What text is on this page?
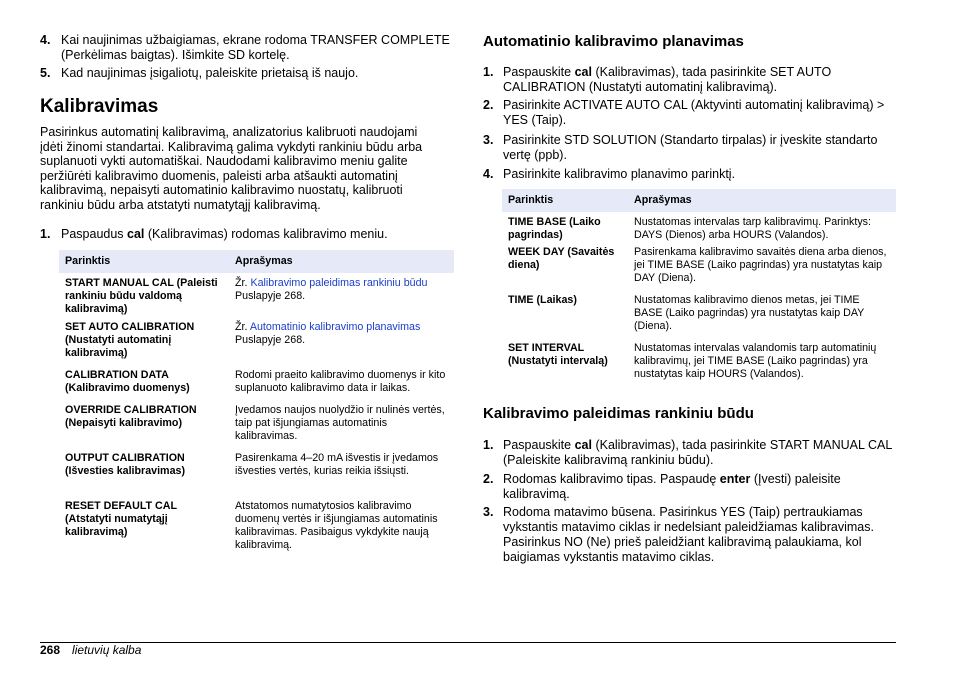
4. Kai naujinimas užbaigiamas, ekrane rodoma TRANSFER COMPLETE (Perkėlimas baigtas). Išimkite SD kortelę.
5. Kad naujinimas įsigaliotų, paleiskite prietaisą iš naujo.
Kalibravimas

Pasirinkus automatinį kalibravimą, analizatorius kalibruoti naudojami įdėti žinomi standartai. Kalibravimą galima vykdyti rankiniu būdu arba suplanuoti vykti automatiškai. Naudodami kalibravimo meniu galite peržiūrėti kalibravimo duomenis, paleisti arba atšaukti automatinį kalibravimą, nepaisyti automatinio kalibravimo nuostatų, kalibruoti rankiniu būdu arba atstatyti numatytąjį kalibravimą.

1. Paspaudus cal (Kalibravimas) rodomas kalibravimo meniu.
Parinktis	Aprašymas
START MANUAL CAL (Paleisti rankiniu būdu valdomą kalibravimą)	Žr. Kalibravimo paleidimas rankiniu būdu Puslapyje 268.
SET AUTO CALIBRATION (Nustatyti automatinį kalibravimą)	Žr. Automatinio kalibravimo planavimas Puslapyje 268.
CALIBRATION DATA (Kalibravimo duomenys)	Rodomi praeito kalibravimo duomenys ir kito suplanuoto kalibravimo data ir laikas.
OVERRIDE CALIBRATION (Nepaisyti kalibravimo)	Įvedamos naujos nuolydžio ir nulinės vertės, taip pat išjungiamas automatinis kalibravimas.
OUTPUT CALIBRATION (Išvesties kalibravimas)	Pasirenkama 4–20 mA išvestis ir įvedamos išvesties vertės, kurias reikia išsiųsti.
RESET DEFAULT CAL (Atstatyti numatytąjį kalibravimą)	Atstatomos numatytosios kalibravimo duomenų vertės ir išjungiamas automatinis kalibravimas. Pasibaigus vykdykite naują kalibravimą.
Automatinio kalibravimo planavimas
1. Paspauskite cal (Kalibravimas), tada pasirinkite SET AUTO CALIBRATION (Nustatyti automatinį kalibravimą).
2. Pasirinkite ACTIVATE AUTO CAL (Aktyvinti automatinį kalibravimą) > YES (Taip).
3. Pasirinkite STD SOLUTION (Standarto tirpalas) ir įveskite standarto vertę (ppb).
4. Pasirinkite kalibravimo planavimo parinktį.
Parinktis	Aprašymas
TIME BASE (Laiko pagrindas)	Nustatomas intervalas tarp kalibravimų. Parinktys: DAYS (Dienos) arba HOURS (Valandos).
WEEK DAY (Savaitės diena)	Pasirenkama kalibravimo savaitės diena arba dienos, jei TIME BASE (Laiko pagrindas) yra nustatytas kaip DAY (Diena).
TIME (Laikas)	Nustatomas kalibravimo dienos metas, jei TIME BASE (Laiko pagrindas) yra nustatytas kaip DAY (Diena).
SET INTERVAL (Nustatyti intervalą)	Nustatomas intervalas valandomis tarp automatinių kalibravimų, jei TIME BASE (Laiko pagrindas) yra nustatytas kaip HOURS (Valandos).
Kalibravimo paleidimas rankiniu būdu
1. Paspauskite cal (Kalibravimas), tada pasirinkite START MANUAL CAL (Paleiskite kalibravimą rankiniu būdu).
2. Rodomas kalibravimo tipas. Paspaudę enter (Įvesti) paleisite kalibravimą.
3. Rodoma matavimo būsena. Pasirinkus YES (Taip) pertraukiamas vykstantis matavimo ciklas ir nedelsiant paleidžiamas kalibravimas. Pasirinkus NO (Ne) prieš paleidžiant kalibravimą palaukiama, kol baigiamas vykstantis matavimo ciklas.
268 lietuvių kalba
